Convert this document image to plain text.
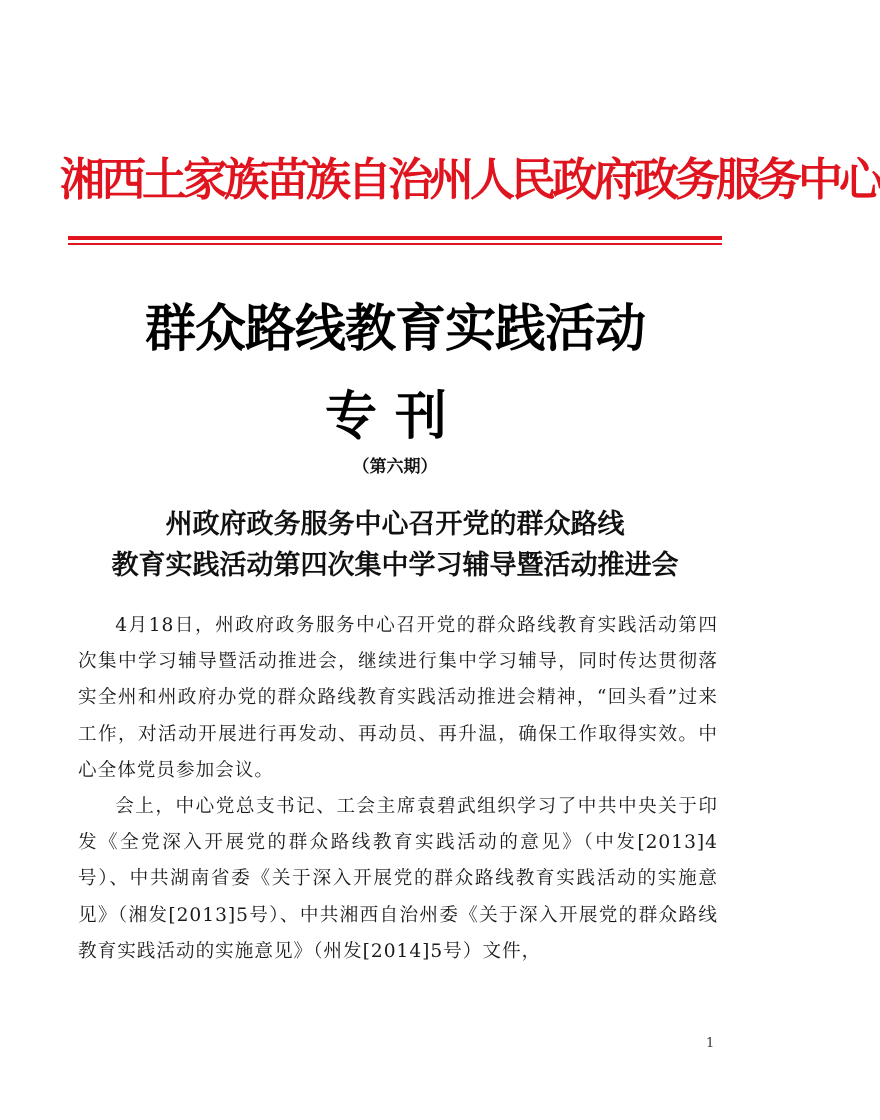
湘西土家族苗族自治州人民政府政务服务中心
群众路线教育实践活动
专刊
（第六期）
州政府政务服务中心召开党的群众路线
教育实践活动第四次集中学习辅导暨活动推进会

4月18日，州政府政务服务中心召开党的群众路线教育实践活动第四次集中学习辅导暨活动推进会，继续进行集中学习辅导，同时传达贯彻落实全州和州政府办党的群众路线教育实践活动推进会精神，“回头看”过来工作，对活动开展进行再发动、再动员、再升温，确保工作取得实效。中心全体党员参加会议。

会上，中心党总支书记、工会主席袁碧武组织学习了中共中央关于印发《全党深入开展党的群众路线教育实践活动的意见》（中发[2013]4号）、中共湖南省委《关于深入开展党的群众路线教育实践活动的实施意见》（湘发[2013]5号）、中共湘西自治州委《关于深入开展党的群众路线教育实践活动的实施意见》（州发[2014]5号）文件，

1
